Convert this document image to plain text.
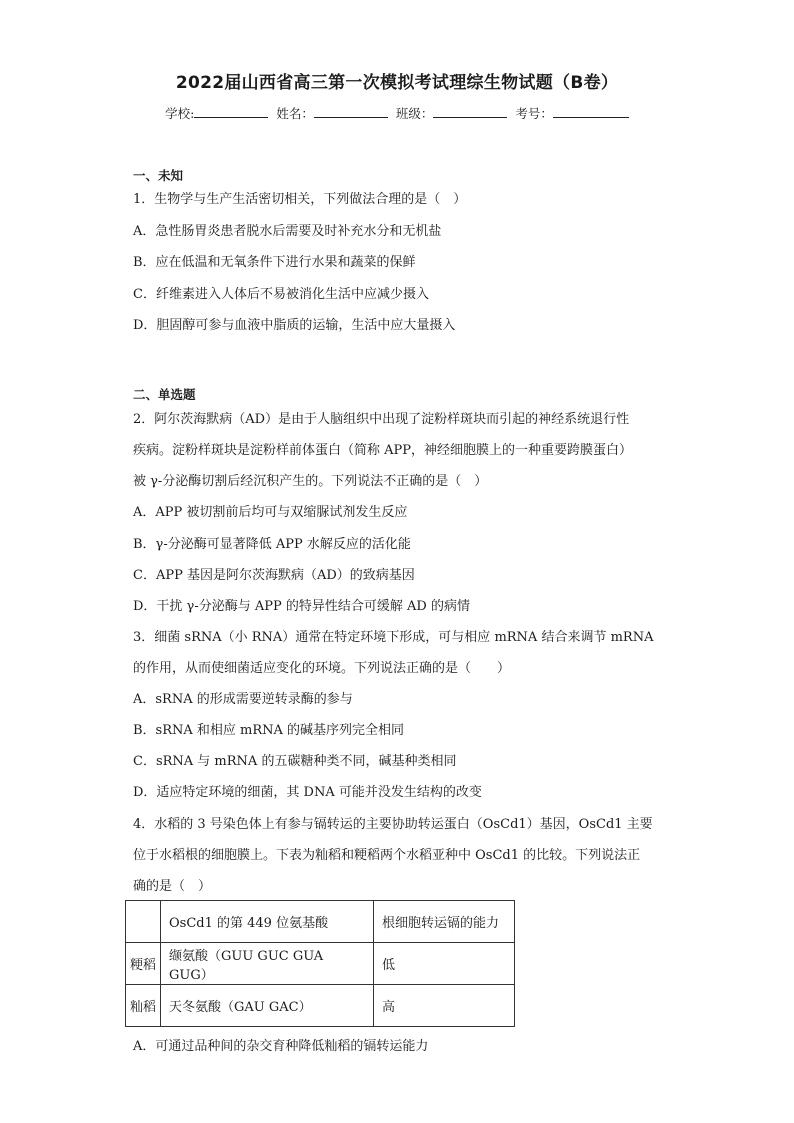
2022届山西省高三第一次模拟考试理综生物试题（B卷）
学校:	姓名：	班级：	考号：
一、未知
1．生物学与生产生活密切相关，下列做法合理的是（　）
A．急性肠胃炎患者脱水后需要及时补充水分和无机盐
B．应在低温和无氧条件下进行水果和蔬菜的保鲜
C．纤维素进入人体后不易被消化生活中应减少摄入
D．胆固醇可参与血液中脂质的运输，生活中应大量摄入
二、单选题
2．阿尔茨海默病（AD）是由于人脑组织中出现了淀粉样斑块而引起的神经系统退行性
疾病。淀粉样斑块是淀粉样前体蛋白（简称 APP，神经细胞膜上的一种重要跨膜蛋白）
被 γ-分泌酶切割后经沉积产生的。下列说法不正确的是（　）
A．APP 被切割前后均可与双缩脲试剂发生反应
B．γ-分泌酶可显著降低 APP 水解反应的活化能
C．APP 基因是阿尔茨海默病（AD）的致病基因
D．干扰 γ-分泌酶与 APP 的特异性结合可缓解 AD 的病情
3．细菌 sRNA（小 RNA）通常在特定环境下形成，可与相应 mRNA 结合来调节 mRNA
的作用，从而使细菌适应变化的环境。下列说法正确的是（　　）
A．sRNA 的形成需要逆转录酶的参与
B．sRNA 和相应 mRNA 的碱基序列完全相同
C．sRNA 与 mRNA 的五碳糖种类不同，碱基种类相同
D．适应特定环境的细菌，其 DNA 可能并没发生结构的改变
4．水稻的 3 号染色体上有参与镉转运的主要协助转运蛋白（OsCd1）基因，OsCd1 主要
位于水稻根的细胞膜上。下表为籼稻和粳稻两个水稻亚种中 OsCd1 的比较。下列说法正
确的是（　）
	OsCd1 的第 449 位氨基酸	根细胞转运镉的能力
粳稻	缬氨酸（GUU GUC GUA GUG）	低
籼稻	天冬氨酸（GAU GAC）	高
A．可通过品种间的杂交育种降低籼稻的镉转运能力
